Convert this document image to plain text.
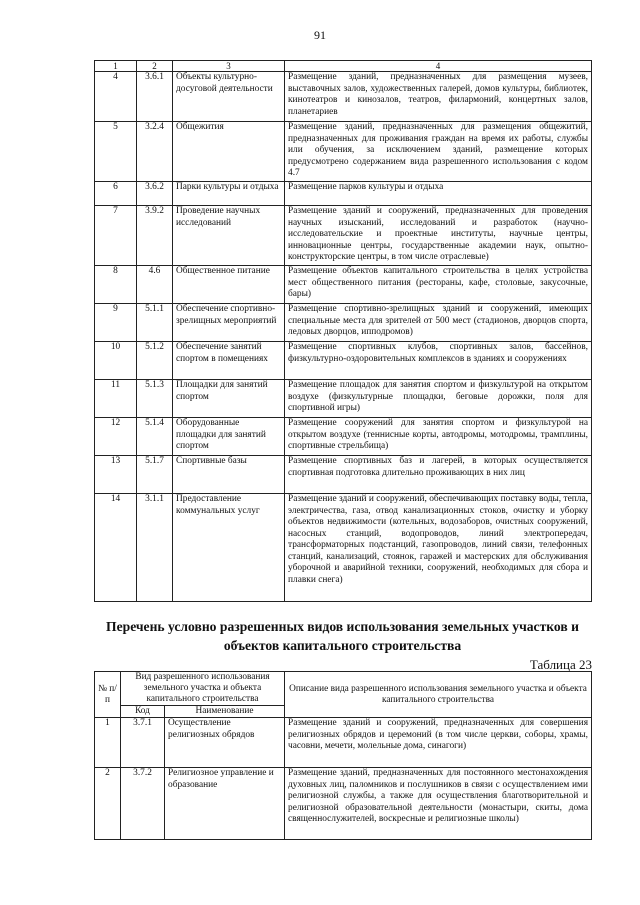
91
1	2	3	4
4	3.6.1	Объекты культурно-досуговой деятельности	Размещение зданий, предназначенных для размещения музеев, выставочных залов, художественных галерей, домов культуры, библиотек, кинотеатров и кинозалов, театров, филармоний, концертных залов, планетариев
5	3.2.4	Общежития	Размещение зданий, предназначенных для размещения общежитий, предназначенных для проживания граждан на время их работы, службы или обучения, за исключением зданий, размещение которых предусмотрено содержанием вида разрешенного использования с кодом 4.7
6	3.6.2	Парки культуры и отдыха	Размещение парков культуры и отдыха
7	3.9.2	Проведение научных исследований	Размещение зданий и сооружений, предназначенных для проведения научных изысканий, исследований и разработок (научно-исследовательские и проектные институты, научные центры, инновационные центры, государственные академии наук, опытно-конструкторские центры, в том числе отраслевые)
8	4.6	Общественное питание	Размещение объектов капитального строительства в целях устройства мест общественного питания (рестораны, кафе, столовые, закусочные, бары)
9	5.1.1	Обеспечение спортивно-зрелищных мероприятий	Размещение спортивно-зрелищных зданий и сооружений, имеющих специальные места для зрителей от 500 мест (стадионов, дворцов спорта, ледовых дворцов, ипподромов)
10	5.1.2	Обеспечение занятий спортом в помещениях	Размещение спортивных клубов, спортивных залов, бассейнов, физкультурно-оздоровительных комплексов в зданиях и сооружениях
11	5.1.3	Площадки для занятий спортом	Размещение площадок для занятия спортом и физкультурой на открытом воздухе (физкультурные площадки, беговые дорожки, поля для спортивной игры)
12	5.1.4	Оборудованные площадки для занятий спортом	Размещение сооружений для занятия спортом и физкультурой на открытом воздухе (теннисные корты, автодромы, мотодромы, трамплины, спортивные стрельбища)
13	5.1.7	Спортивные базы	Размещение спортивных баз и лагерей, в которых осуществляется спортивная подготовка длительно проживающих в них лиц
14	3.1.1	Предоставление коммунальных услуг	Размещение зданий и сооружений, обеспечивающих поставку воды, тепла, электричества, газа, отвод канализационных стоков, очистку и уборку объектов недвижимости (котельных, водозаборов, очистных сооружений, насосных станций, водопроводов, линий электропередач, трансформаторных подстанций, газопроводов, линий связи, телефонных станций, канализаций, стоянок, гаражей и мастерских для обслуживания уборочной и аварийной техники, сооружений, необходимых для сбора и плавки снега)
Перечень условно разрешенных видов использования земельных участков и объектов капитального строительства
Таблица 23
№ п/п	Вид разрешенного использования земельного участка и объекта капитального строительства		Описание вида разрешенного использования земельного участка и объекта капитального строительства
	Код	Наименование	
1	3.7.1	Осуществление религиозных обрядов	Размещение зданий и сооружений, предназначенных для совершения религиозных обрядов и церемоний (в том числе церкви, соборы, храмы, часовни, мечети, молельные дома, синагоги)
2	3.7.2	Религиозное управление и образование	Размещение зданий, предназначенных для постоянного местонахождения духовных лиц, паломников и послушников в связи с осуществлением ими религиозной службы, а также для осуществления благотворительной и религиозной образовательной деятельности (монастыри, скиты, дома священнослужителей, воскресные и религиозные школы)
